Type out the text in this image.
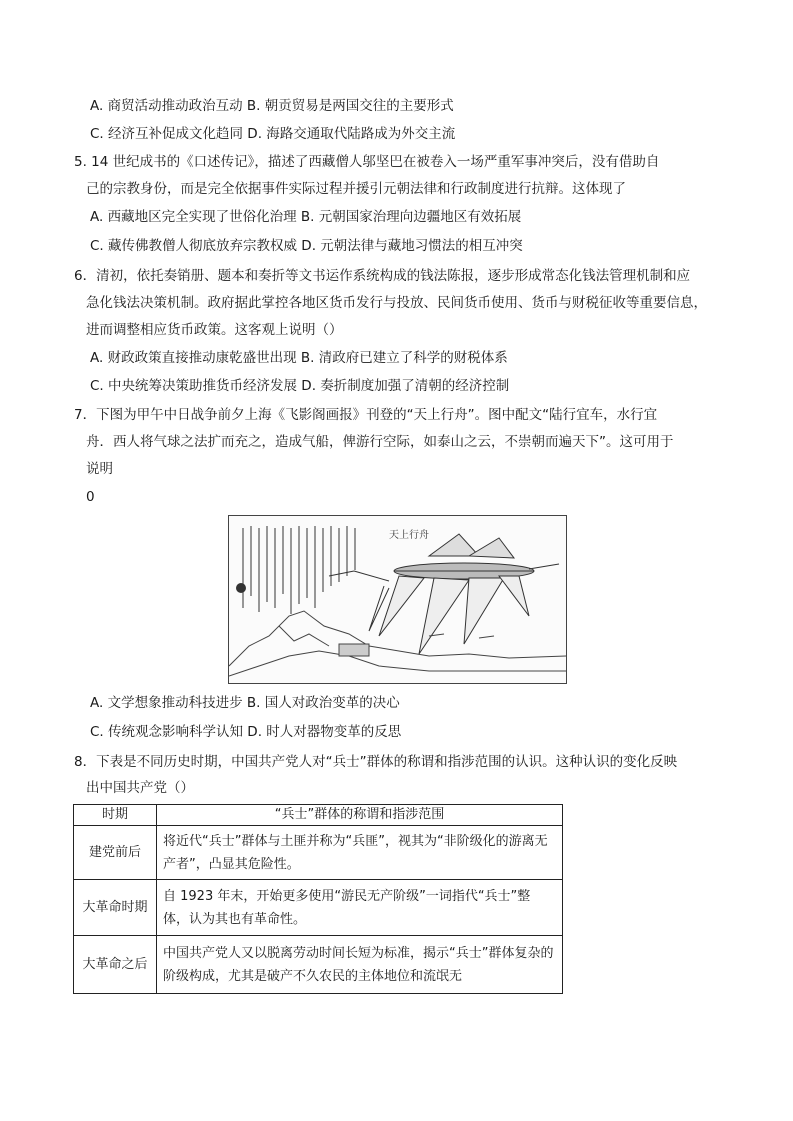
A. 商贸活动推动政治互动 B. 朝贡贸易是两国交往的主要形式
C. 经济互补促成文化趋同 D. 海路交通取代陆路成为外交主流
5. 14 世纪成书的《口述传记》，描述了西藏僧人邬坚巴在被卷入一场严重军事冲突后，没有借助自
己的宗教身份，而是完全依据事件实际过程并援引元朝法律和行政制度进行抗辩。这体现了
A. 西藏地区完全实现了世俗化治理 B. 元朝国家治理向边疆地区有效拓展
C. 藏传佛教僧人彻底放弃宗教权威 D. 元朝法律与藏地习惯法的相互冲突
6．清初，依托奏销册、题本和奏折等文书运作系统构成的钱法陈报，逐步形成常态化钱法管理机制和应
急化钱法决策机制。政府据此掌控各地区货币发行与投放、民间货币使用、货币与财税征收等重要信息，
进而调整相应货币政策。这客观上说明（）
A. 财政政策直接推动康乾盛世出现 B. 清政府已建立了科学的财税体系
C. 中央统筹决策助推货币经济发展 D. 奏折制度加强了清朝的经济控制
7．下图为甲午中日战争前夕上海《飞影阁画报》刊登的“天上行舟”。图中配文“陆行宜车，水行宜
舟．西人将气球之法扩而充之，造成气船，俾游行空际，如泰山之云，不崇朝而遍天下”。这可用于
说明
0
天上行舟
A. 文学想象推动科技进步 B. 国人对政治变革的决心
C. 传统观念影响科学认知 D. 时人对器物变革的反思
8．下表是不同历史时期，中国共产党人对“兵士”群体的称谓和指涉范围的认识。这种认识的变化反映
出中国共产党（）
时期	“兵士”群体的称谓和指涉范围
建党前后	将近代“兵士”群体与土匪并称为“兵匪”，视其为“非阶级化的游离无产者”，凸显其危险性。
大革命时期	自 1923 年末，开始更多使用“游民无产阶级”一词指代“兵士”整体，认为其也有革命性。
大革命之后	中国共产党人又以脱离劳动时间长短为标准，揭示“兵士”群体复杂的阶级构成，尤其是破产不久农民的主体地位和流氓无
